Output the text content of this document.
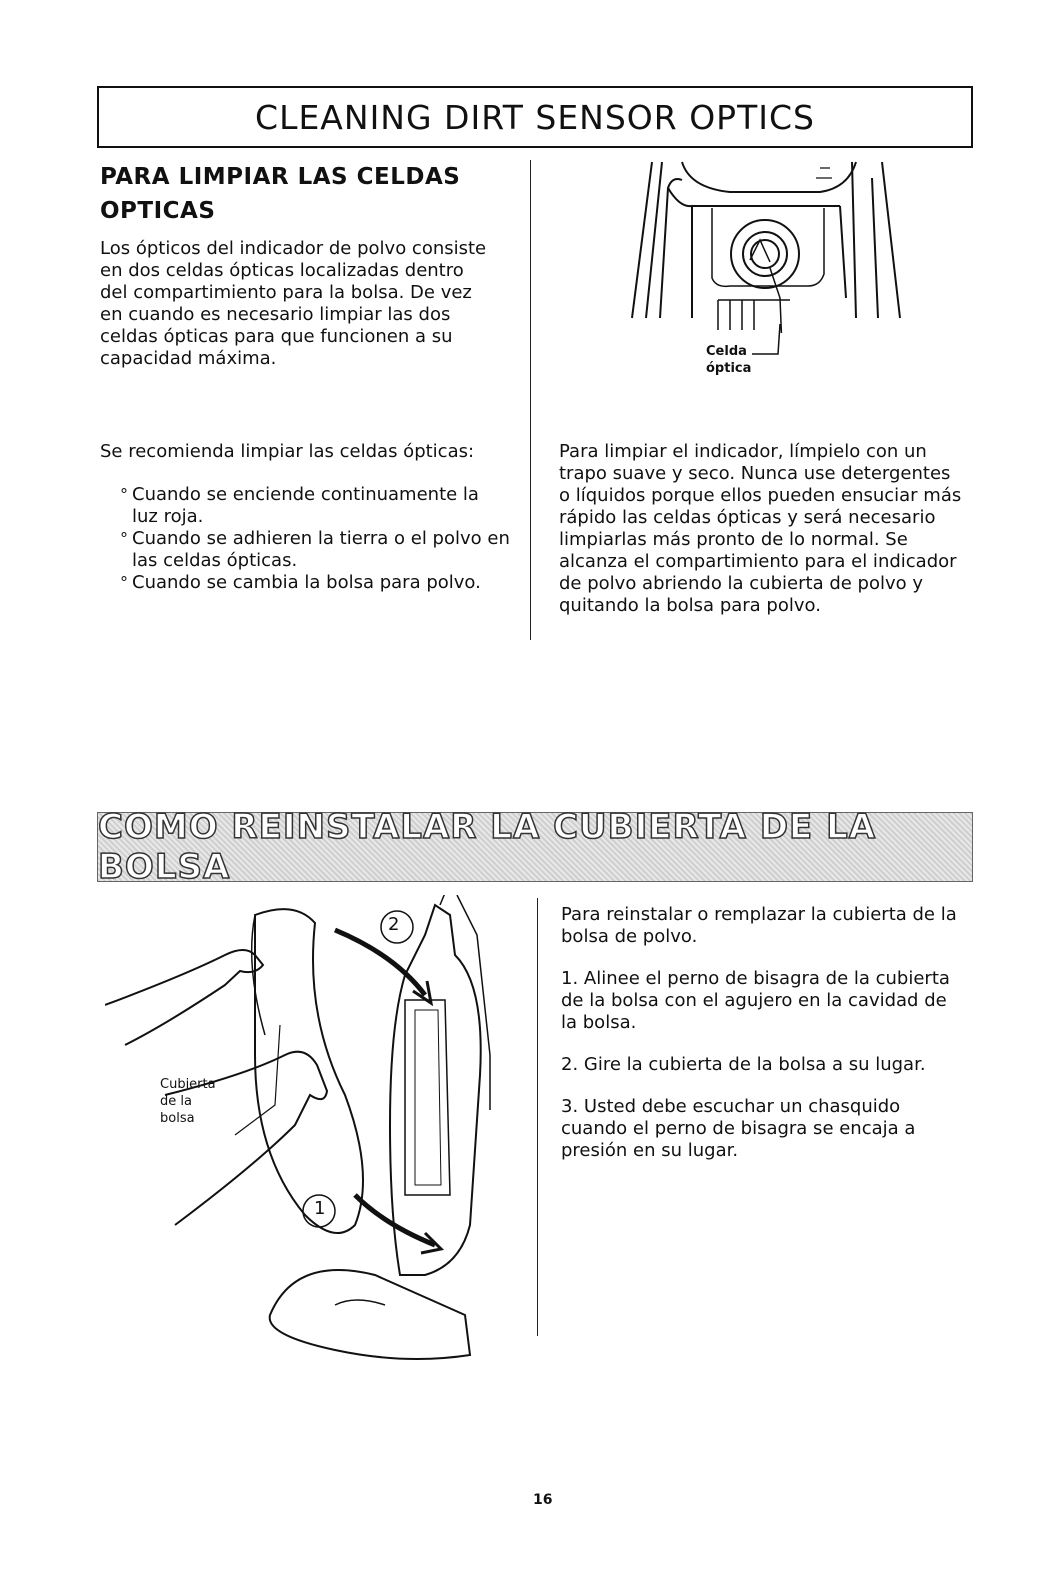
CLEANING DIRT SENSOR OPTICS
PARA LIMPIAR LAS CELDAS
OPTICAS
Los ópticos del indicador de polvo consiste en dos celdas ópticas localizadas dentro del compartimiento para la bolsa. De vez en cuando es necesario limpiar las dos celdas ópticas para que funcionen a su capacidad máxima.
Se recomienda limpiar las celdas ópticas:
° Cuando se enciende continuamente la luz roja.
° Cuando se adhieren la tierra o el polvo en las celdas ópticas.
° Cuando se cambia la bolsa para polvo.
Celda
óptica
Para limpiar el indicador, límpielo con un trapo suave y seco. Nunca use detergentes o líquidos porque ellos pueden ensuciar más rápido las celdas ópticas y será necesario limpiarlas más pronto de lo normal. Se alcanza el compartimiento para el indicador de polvo abriendo la cubierta de polvo y quitando la bolsa para polvo.
COMO REINSTALAR LA CUBIERTA DE LA BOLSA
2
1
Cubierta
de la
bolsa
Para reinstalar o remplazar la cubierta de la bolsa de polvo.
1. Alinee el perno de bisagra de la cubierta de la bolsa con el agujero en la cavidad de la bolsa.
2. Gire la cubierta de la bolsa a su lugar.
3. Usted debe escuchar un chasquido cuando el perno de bisagra se encaja a presión en su lugar.
16
